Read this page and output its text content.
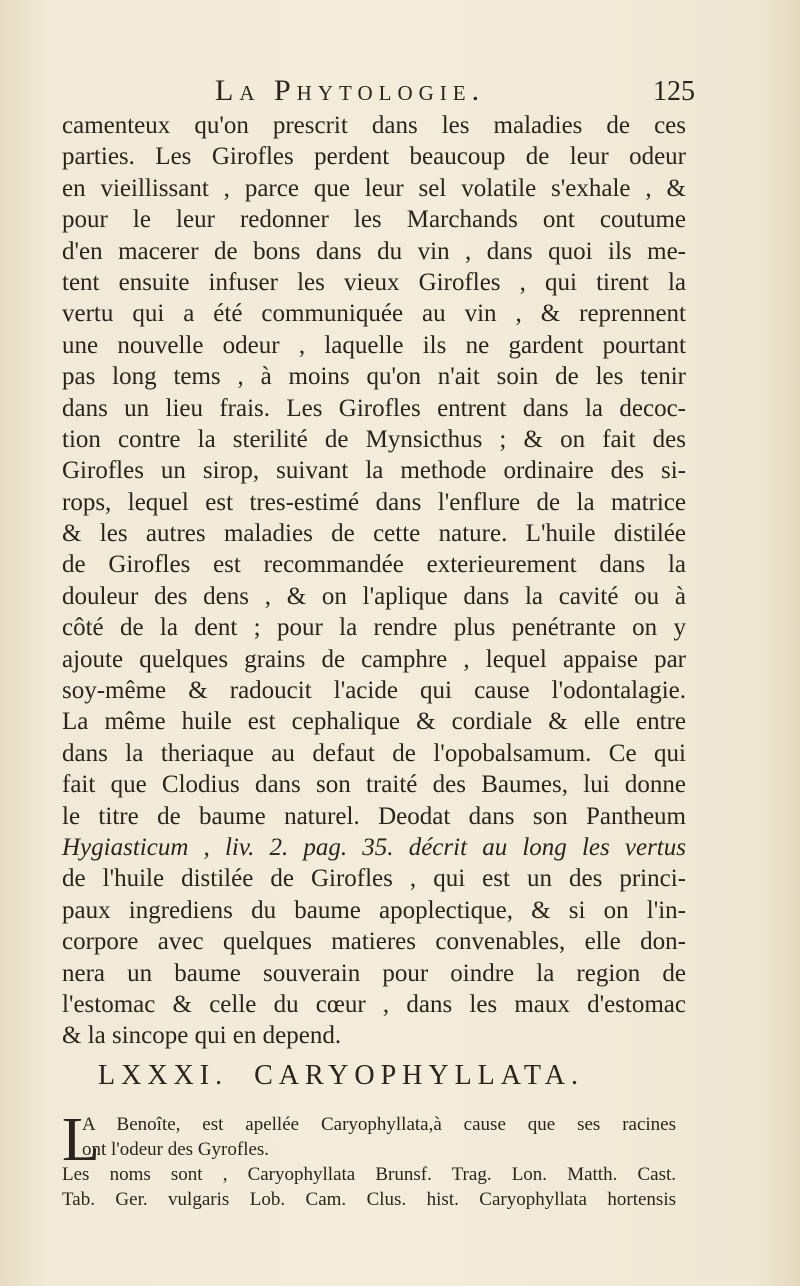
La Phytologie.	125
camenteux qu'on prescrit dans les maladies de ces
parties. Les Girofles perdent beaucoup de leur odeur
en vieillissant , parce que leur sel volatile s'exhale , &
pour le leur redonner les Marchands ont coutume
d'en macerer de bons dans du vin , dans quoi ils me-
tent ensuite infuser les vieux Girofles , qui tirent la
vertu qui a été communiquée au vin , & reprennent
une nouvelle odeur , laquelle ils ne gardent pourtant
pas long tems , à moins qu'on n'ait soin de les tenir
dans un lieu frais. Les Girofles entrent dans la decoc-
tion contre la sterilité de Mynsicthus ; & on fait des
Girofles un sirop, suivant la methode ordinaire des si-
rops, lequel est tres-estimé dans l'enflure de la matrice
& les autres maladies de cette nature. L'huile distilée
de Girofles est recommandée exterieurement dans la
douleur des dens , & on l'aplique dans la cavité ou à
côté de la dent ; pour la rendre plus penétrante on y
ajoute quelques grains de camphre , lequel appaise par
soy-même & radoucit l'acide qui cause l'odontalagie.
La même huile est cephalique & cordiale & elle entre
dans la theriaque au defaut de l'opobalsamum. Ce qui
fait que Clodius dans son traité des Baumes, lui donne
le titre de baume naturel. Deodat dans son Pantheum
Hygiasticum , liv. 2. pag. 35. décrit au long les vertus
de l'huile distilée de Girofles , qui est un des princi-
paux ingrediens du baume apoplectique, & si on l'in-
corpore avec quelques matieres convenables, elle don-
nera un baume souverain pour oindre la region de
l'estomac & celle du cœur , dans les maux d'estomac
& la sincope qui en depend.
LXXXI. CARYOPHYLLATA.
L
A Benoîte, est apellée Caryophyllata,à cause que ses racines
ont l'odeur des Gyrofles.
Les noms sont , Caryophyllata Brunsf. Trag. Lon. Matth. Cast.
Tab. Ger. vulgaris Lob. Cam. Clus. hist. Caryophyllata hortensis
